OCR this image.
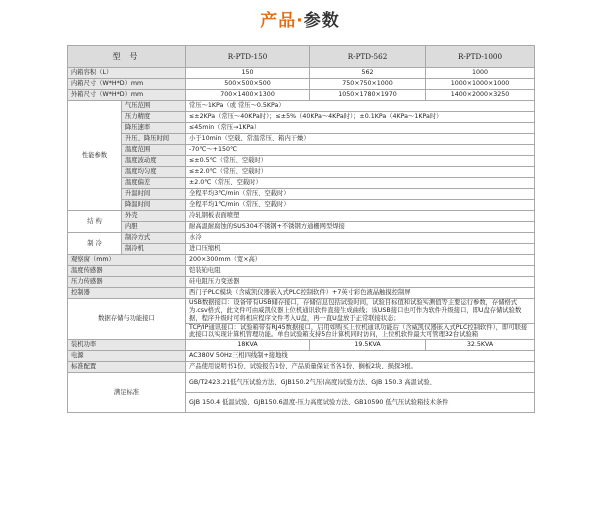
产品·参数
型 号		R-PTD-150	R-PTD-562	R-PTD-1000
内箱容积（L）		150	562	1000
内箱尺寸（W*H*D）mm		500×500×500	750×750×1000	1000×1000×1000
外箱尺寸（W*H*D）mm		700×1400×1300	1050×1780×1970	1400×2000×3250
性能参数	气压范围	常压～1KPa（或 常压～0.5KPa）		
	压力精度	≤±2KPa（常压～40KPa时）；≤±5%（40KPa～4KPa时）；±0.1KPa（4KPa～1KPa时）		
	降压速率	≤45min（常压→1KPa）		
	升压、降压时间	小于10min（空载、常温常压、箱内干燥）		
	温度范围	-70℃～+150℃		
	温度波动度	≤±0.5℃（常压、空载时）		
	温度均匀度	≤±2.0℃（常压、空载时）		
	温度偏差	±2.0℃（常压、空载时）		
	升温时间	全程平均3℃/min（常压、空载时）		
	降温时间	全程平均1℃/min（常压、空载时）		
结 构	外壳	冷轧钢板表面喷塑		
	内胆	耐高温耐腐蚀的SUS304不锈钢+不锈钢方通栅网型焊接		
制 冷	制冷方式	水冷		
	制冷机	进口压缩机		
观察窗（mm）		200×300mm（宽×高）		
温度传感器		铠装铂电阻		
压力传感器		硅电阻压力变送器		
控制器		西门子PLC模块（含威凯仪器嵌入式PLC控制软件）+7英寸彩色液晶触摸控制屏		
数据存储与功能接口		USB数据接口：设备带有USB储存接口，存储信息包括试验时间，试验目标值和试验实测值等主要运行参数，存储格式为.csv格式，此文件可由威凯仪器上位机通讯软件直接生成曲线；该USB接口也可作为软件升级接口，即U盘存储试验数据，程序升级时可将相应程序文件考入U盘，再一直U盘放于正常联接状态；		
		TCP/IP通讯接口：试验箱带有RJ45数据接口，启用如购买上位机通讯功能后（含威凯仪器嵌入式PLC控制软件），即可联接此接口以实现计算机管理功能。单台试验箱支持5台计算机同时访问，上位机软件最大可管理32台试验箱		
装机功率		18KVA	19.5KVA	32.5KVA
电源		AC380V 50Hz三相四线制+接地线		
标准配置		产品使用说明书1份、试验报告1份、产品质量保证书各1份、搁板2块、损探3根。		
满足标准		GB/T2423.21低气压试验方法、GJB150.2气压(高度)试验方法、GJB 150.3 高温试验、		
		GJB 150.4 低温试验、GJB150.6温度-压力高度试验方法、GB10590 低气压试验箱技术条件		
